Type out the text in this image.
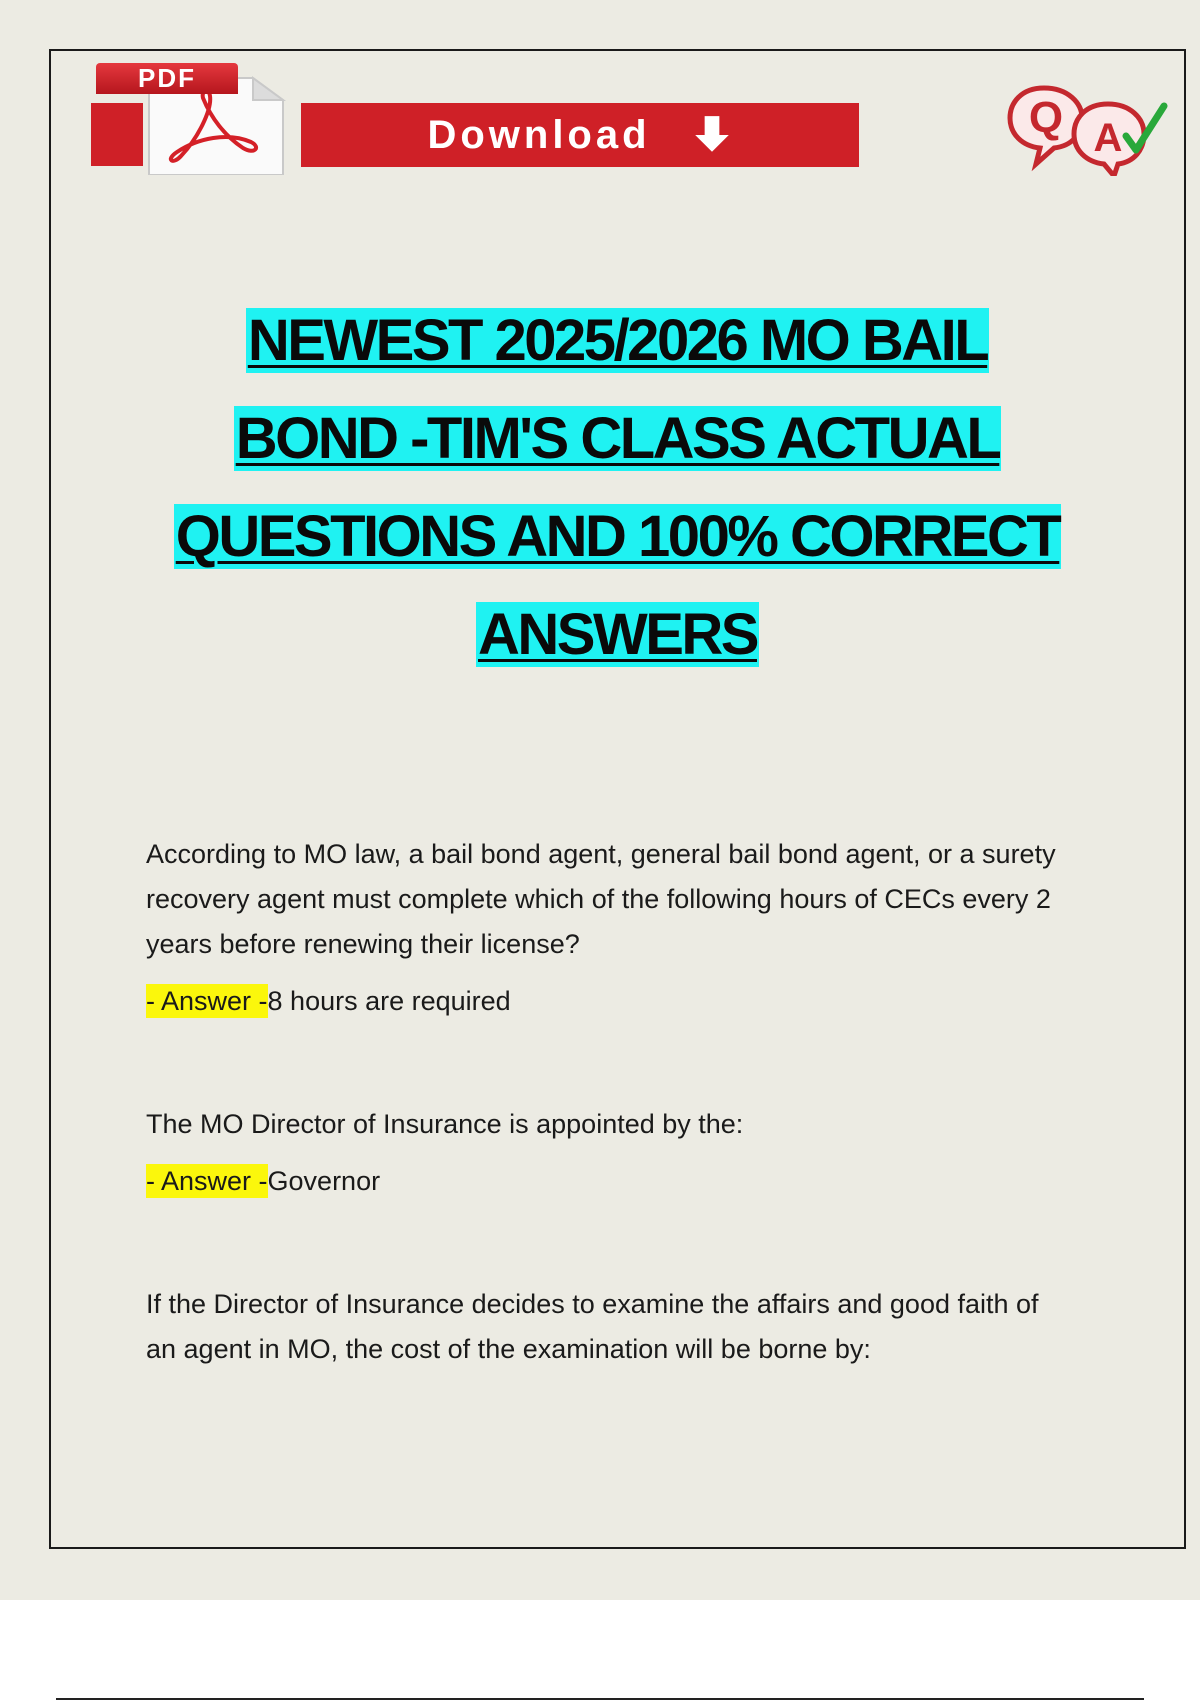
PDF
Download	Q A
NEWEST 2025/2026 MO BAIL
BOND -TIM'S CLASS ACTUAL
QUESTIONS AND 100% CORRECT
ANSWERS

According to MO law, a bail bond agent, general bail bond agent, or a surety recovery agent must complete which of the following hours of CECs every 2 years before renewing their license?

- Answer -8 hours are required

The MO Director of Insurance is appointed by the:

- Answer -Governor

If the Director of Insurance decides to examine the affairs and good faith of an agent in MO, the cost of the examination will be borne by:
